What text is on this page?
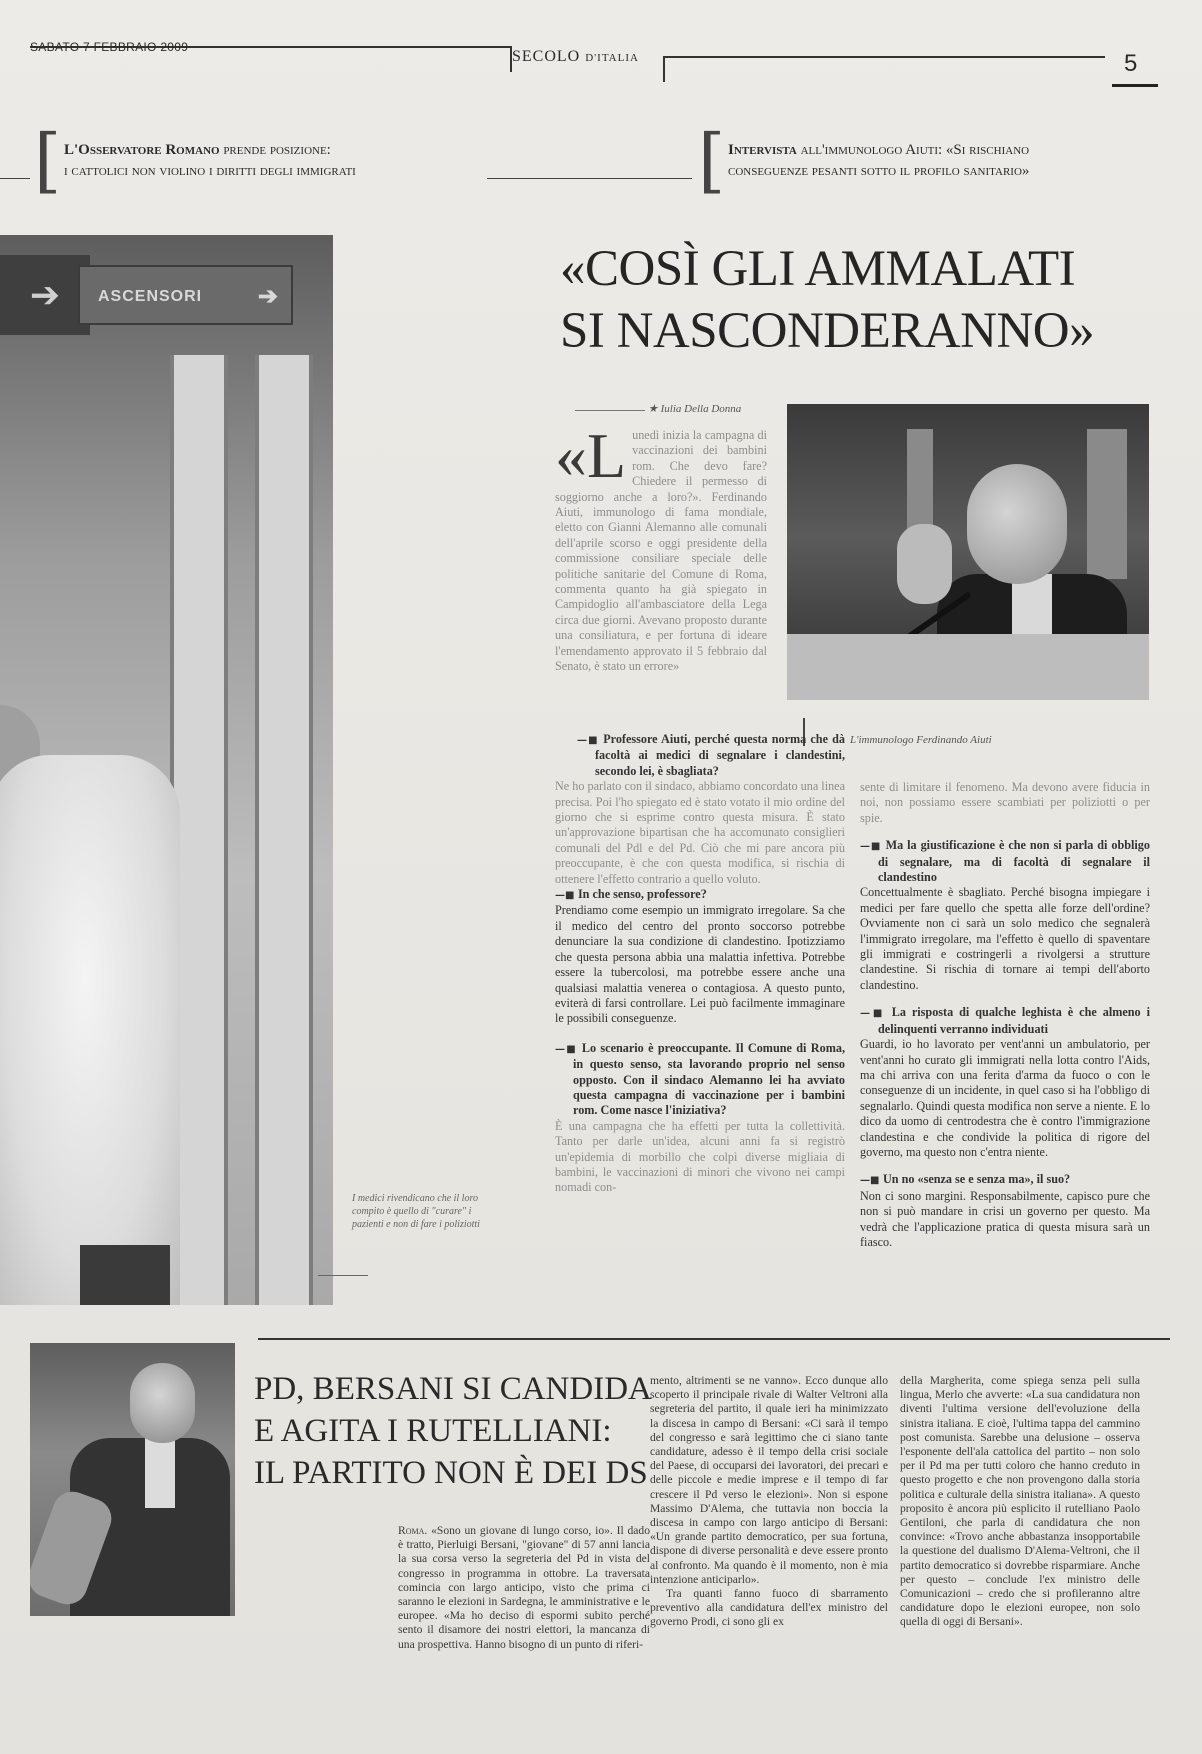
SABATO 7 FEBBRAIO 2009
SECOLO D'ITALIA	5
[ L'Osservatore Romano prende posizione:
i cattolici non violino i diritti degli immigrati	[ Intervista all'immunologo Aiuti: «Si rischiano
conseguenze pesanti sotto il profilo sanitario»
«COSÌ GLI AMMALATI
SI NASCONDERANNO»
★ Iulia Della Donna
➔	ASCENSORI ➔
I medici rivendicano che il loro compito è quello di "curare" i pazienti e non di fare i poliziotti
L'immunologo Ferdinando Aiuti
«L unedì inizia la campagna di vaccinazioni dei bambini rom. Che devo fare? Chiedere il permesso di soggiorno anche a loro?». Ferdinando Aiuti, immunologo di fama mondiale, eletto con Gianni Alemanno alle comunali dell'aprile scorso e oggi presidente della commissione consiliare speciale delle politiche sanitarie del Comune di Roma, commenta quanto ha già spiegato in Campidoglio all'ambasciatore della Lega circa due giorni. Avevano proposto durante una consiliatura, e per fortuna di ideare l'emendamento approvato il 5 febbraio dal Senato, è stato un errore»

—■ Professore Aiuti, perché questa norma che dà facoltà ai medici di segnalare i clandestini, secondo lei, è sbagliata?

Ne ho parlato con il sindaco, abbiamo concordato una linea precisa. Poi l'ho spiegato ed è stato votato il mio ordine del giorno che si esprime contro questa misura. È stato un'approvazione bipartisan che ha accomunato consiglieri comunali del Pdl e del Pd. Ciò che mi pare ancora più preoccupante, è che con questa modifica, si rischia di ottenere l'effetto contrario a quello voluto.

—■ In che senso, professore?

Prendiamo come esempio un immigrato irregolare. Sa che il medico del centro del pronto soccorso potrebbe denunciare la sua condizione di clandestino. Ipotizziamo che questa persona abbia una malattia infettiva. Potrebbe essere la tubercolosi, ma potrebbe essere anche una qualsiasi malattia venerea o contagiosa. A questo punto, eviterà di farsi controllare. Lei può facilmente immaginare le possibili conseguenze.

—■ Lo scenario è preoccupante. Il Comune di Roma, in questo senso, sta lavorando proprio nel senso opposto. Con il sindaco Alemanno lei ha avviato questa campagna di vaccinazione per i bambini rom. Come nasce l'iniziativa?

È una campagna che ha effetti per tutta la collettività. Tanto per darle un'idea, alcuni anni fa si registrò un'epidemia di morbillo che colpì diverse migliaia di bambini, le vaccinazioni di minori che vivono nei campi nomadi con-

sente di limitare il fenomeno. Ma devono avere fiducia in noi, non possiamo essere scambiati per poliziotti o per spie.

—■ Ma la giustificazione è che non si parla di obbligo di segnalare, ma di facoltà di segnalare il clandestino

Concettualmente è sbagliato. Perché bisogna impiegare i medici per fare quello che spetta alle forze dell'ordine? Ovviamente non ci sarà un solo medico che segnalerà l'immigrato irregolare, ma l'effetto è quello di spaventare gli immigrati e costringerli a rivolgersi a strutture clandestine. Si rischia di tornare ai tempi dell'aborto clandestino.

—■ La risposta di qualche leghista è che almeno i delinquenti verranno individuati

Guardi, io ho lavorato per vent'anni un ambulatorio, per vent'anni ho curato gli immigrati nella lotta contro l'Aids, ma chi arriva con una ferita d'arma da fuoco o con le conseguenze di un incidente, in quel caso si ha l'obbligo di segnalarlo. Quindi questa modifica non serve a niente. E lo dico da uomo di centrodestra che è contro l'immigrazione clandestina e che condivide la politica di rigore del governo, ma questo non c'entra niente.

—■ Un no «senza se e senza ma», il suo?

Non ci sono margini. Responsabilmente, capisco pure che non si può mandare in crisi un governo per questo. Ma vedrà che l'applicazione pratica di questa misura sarà un fiasco.

PD, BERSANI SI CANDIDA
E AGITA I RUTELLIANI:
IL PARTITO NON È DEI DS

Roma. «Sono un giovane di lungo corso, io». Il dado è tratto, Pierluigi Bersani, "giovane" di 57 anni lancia la sua corsa verso la segreteria del Pd in vista del congresso in programma in ottobre. La traversata comincia con largo anticipo, visto che prima ci saranno le elezioni in Sardegna, le amministrative e le europee. «Ma ho deciso di espormi subito perché sento il disamore dei nostri elettori, la mancanza di una prospettiva. Hanno bisogno di un punto di riferi-

mento, altrimenti se ne vanno». Ecco dunque allo scoperto il principale rivale di Walter Veltroni alla segreteria del partito, il quale ieri ha minimizzato la discesa in campo di Bersani: «Ci sarà il tempo del congresso e sarà legittimo che ci siano tante candidature, adesso è il tempo della crisi sociale del Paese, di occuparsi dei lavoratori, dei precari e delle piccole e medie imprese e il tempo di far crescere il Pd verso le elezioni». Non si espone Massimo D'Alema, che tuttavia non boccia la discesa in campo con largo anticipo di Bersani: «Un grande partito democratico, per sua fortuna, dispone di diverse personalità e deve essere pronto al confronto. Ma quando è il momento, non è mia intenzione anticiparlo».

Tra quanti fanno fuoco di sbarramento preventivo alla candidatura dell'ex ministro del governo Prodi, ci sono gli ex

della Margherita, come spiega senza peli sulla lingua, Merlo che avverte: «La sua candidatura non diventi l'ultima versione dell'evoluzione della sinistra italiana. E cioè, l'ultima tappa del cammino post comunista. Sarebbe una delusione – osserva l'esponente dell'ala cattolica del partito – non solo per il Pd ma per tutti coloro che hanno creduto in questo progetto e che non provengono dalla storia politica e culturale della sinistra italiana». A questo proposito è ancora più esplicito il rutelliano Paolo Gentiloni, che parla di candidatura che non convince: «Trovo anche abbastanza insopportabile la questione del dualismo D'Alema-Veltroni, che il partito democratico si dovrebbe risparmiare. Anche per questo – conclude l'ex ministro delle Comunicazioni – credo che si profileranno altre candidature dopo le elezioni europee, non solo quella di oggi di Bersani».
